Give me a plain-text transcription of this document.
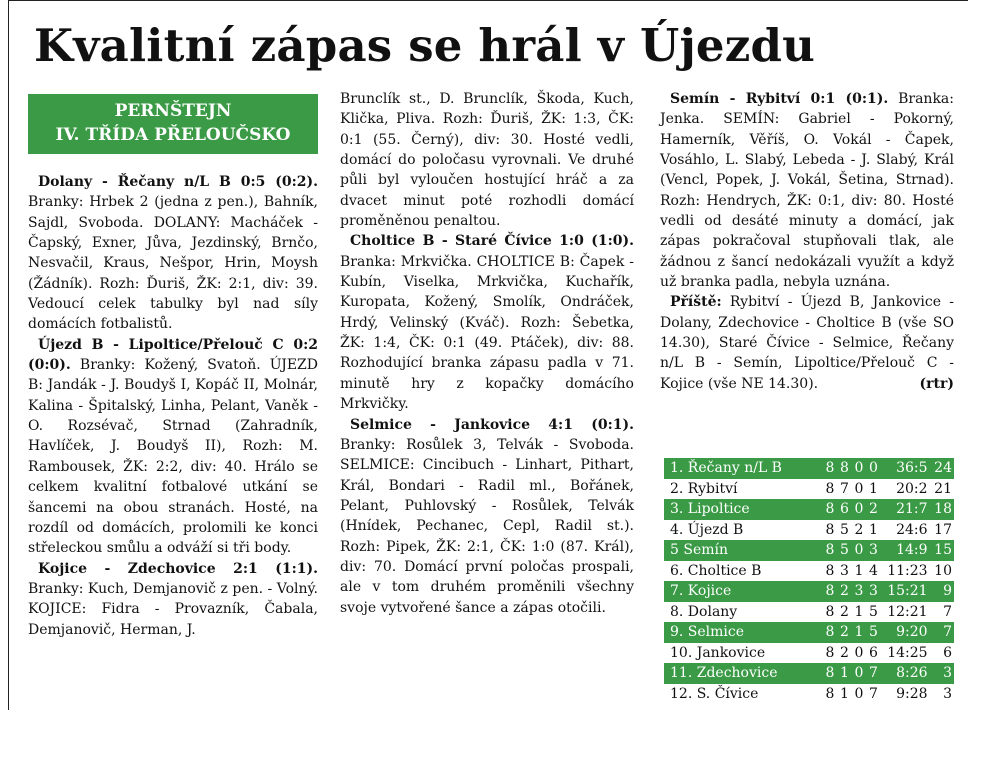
Kvalitní zápas se hrál v Újezdu
PERNŠTEJN
IV. TŘÍDA PŘELOUČSKO

Dolany - Řečany n/L B 0:5 (0:2). Branky: Hrbek 2 (jedna z pen.), Bahník, Sajdl, Svoboda. DOLANY: Macháček - Čapský, Exner, Jůva, Jezdinský, Brnčo, Nesvačil, Kraus, Nešpor, Hrin, Moysh (Žádník). Rozh: Ďuriš, ŽK: 2:1, div: 39. Vedoucí celek tabulky byl nad síly domácích fotbalistů.

Újezd B - Lipoltice/Přelouč C 0:2 (0:0). Branky: Kožený, Svatoň. ÚJEZD B: Jandák - J. Boudyš I, Kopáč II, Molnár, Kalina - Špitalský, Linha, Pelant, Vaněk - O. Rozsévač, Strnad (Zahradník, Havlíček, J. Boudyš II), Rozh: M. Rambousek, ŽK: 2:2, div: 40. Hrálo se celkem kvalitní fotbalové utkání se šancemi na obou stranách. Hosté, na rozdíl od domácích, prolomili ke konci střeleckou smůlu a odváží si tři body.

Kojice - Zdechovice 2:1 (1:1). Branky: Kuch, Demjanovič z pen. - Volný. KOJICE: Fidra - Provazník, Čabala, Demjanovič, Herman, J.

Brunclík st., D. Brunclík, Škoda, Kuch, Klička, Pliva. Rozh: Ďuriš, ŽK: 1:3, ČK: 0:1 (55. Černý), div: 30. Hosté vedli, domácí do poločasu vyrovnali. Ve druhé půli byl vyloučen hostující hráč a za dvacet minut poté rozhodli domácí proměněnou penaltou.

Choltice B - Staré Čívice 1:0 (1:0). Branka: Mrkvička. CHOLTICE B: Čapek - Kubín, Viselka, Mrkvička, Kuchařík, Kuropata, Kožený, Smolík, Ondráček, Hrdý, Velinský (Kváč). Rozh: Šebetka, ŽK: 1:4, ČK: 0:1 (49. Ptáček), div: 88. Rozhodující branka zápasu padla v 71. minutě hry z kopačky domácího Mrkvičky.

Selmice - Jankovice 4:1 (0:1). Branky: Rosůlek 3, Telvák - Svoboda. SELMICE: Cincibuch - Linhart, Pithart, Král, Bondari - Radil ml., Bořánek, Pelant, Puhlovský - Rosůlek, Telvák (Hnídek, Pechanec, Cepl, Radil st.). Rozh: Pipek, ŽK: 2:1, ČK: 1:0 (87. Král), div: 70. Domácí první poločas prospali, ale v tom druhém proměnili všechny svoje vytvořené šance a zápas otočili.

Semín - Rybitví 0:1 (0:1). Branka: Jenka. SEMÍN: Gabriel - Pokorný, Hamerník, Věříš, O. Vokál - Čapek, Vosáhlo, L. Slabý, Lebeda - J. Slabý, Král (Vencl, Popek, J. Vokál, Šetina, Strnad). Rozh: Hendrych, ŽK: 0:1, div: 80. Hosté vedli od desáté minuty a domácí, jak zápas pokračoval stupňovali tlak, ale žádnou z šancí nedokázali využít a když už branka padla, nebyla uznána.

Příště: Rybitví - Újezd B, Jankovice - Dolany, Zdechovice - Choltice B (vše SO 14.30), Staré Čívice - Selmice, Řečany n/L B - Semín, Lipoltice/Přelouč C - Kojice (vše NE 14.30).	(rtr)

1. Řečany n/L B	8	8	0	0	36:5	24
2. Rybitví	8	7	0	1	20:2	21
3. Lipoltice	8	6	0	2	21:7	18
4. Újezd B	8	5	2	1	24:6	17
5 Semín	8	5	0	3	14:9	15
6. Choltice B	8	3	1	4	11:23	10
7. Kojice	8	2	3	3	15:21	9
8. Dolany	8	2	1	5	12:21	7
9. Selmice	8	2	1	5	9:20	7
10. Jankovice	8	2	0	6	14:25	6
11. Zdechovice	8	1	0	7	8:26	3
12. S. Čívice	8	1	0	7	9:28	3
